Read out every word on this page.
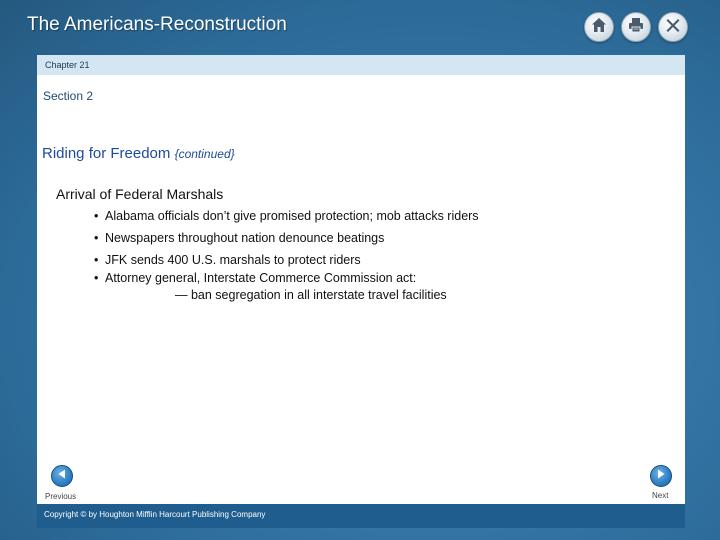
The Americans-Reconstruction
Chapter 21
Section 2
Riding for Freedom {continued}
Arrival of Federal Marshals
• Alabama officials don’t give promised protection; mob attacks riders
• Newspapers throughout nation denounce beatings
• JFK sends 400 U.S. marshals to protect riders
• Attorney general, Interstate Commerce Commission act:
— ban segregation in all interstate travel facilities
Previous	Next
Copyright © by Houghton Mifflin Harcourt Publishing Company
